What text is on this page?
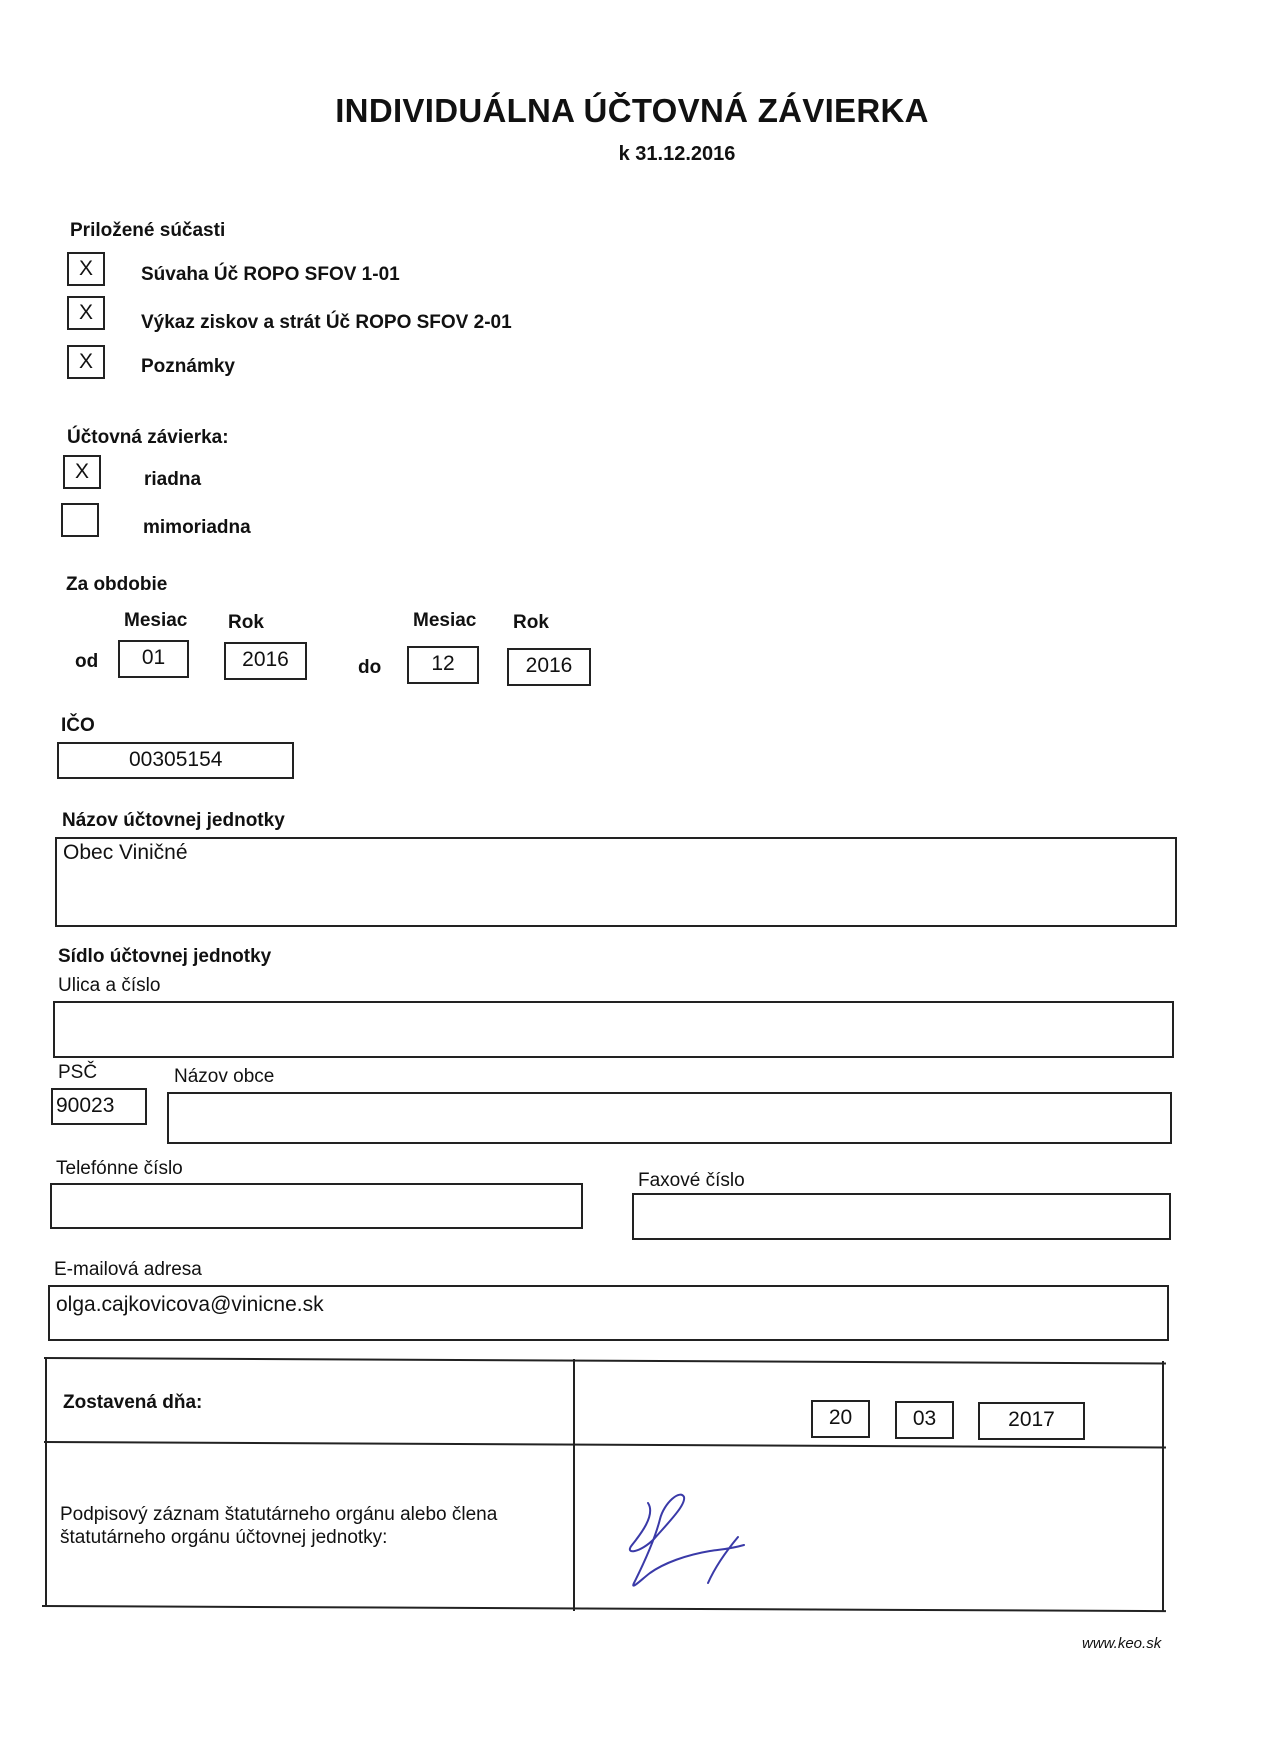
INDIVIDUÁLNA ÚČTOVNÁ ZÁVIERKA
k 31.12.2016
Priložené súčasti
X	Súvaha Úč ROPO SFOV 1-01
X	Výkaz ziskov a strát Úč ROPO SFOV 2-01
X	Poznámky
Účtovná závierka:
X	riadna
mimoriadna
Za obdobie
Mesiac Rok	Mesiac Rok
od	01	2016	do	12	2016
IČO
00305154
Názov účtovnej jednotky
Obec Viničné
Sídlo účtovnej jednotky
Ulica a číslo
PSČ	Názov obce
90023
Telefónne číslo
Faxové číslo
E-mailová adresa
olga.cajkovicova@vinicne.sk
Zostavená dňa:
20	03	2017
Podpisový záznam štatutárneho orgánu alebo člena štatutárneho orgánu účtovnej jednotky:
www.keo.sk
